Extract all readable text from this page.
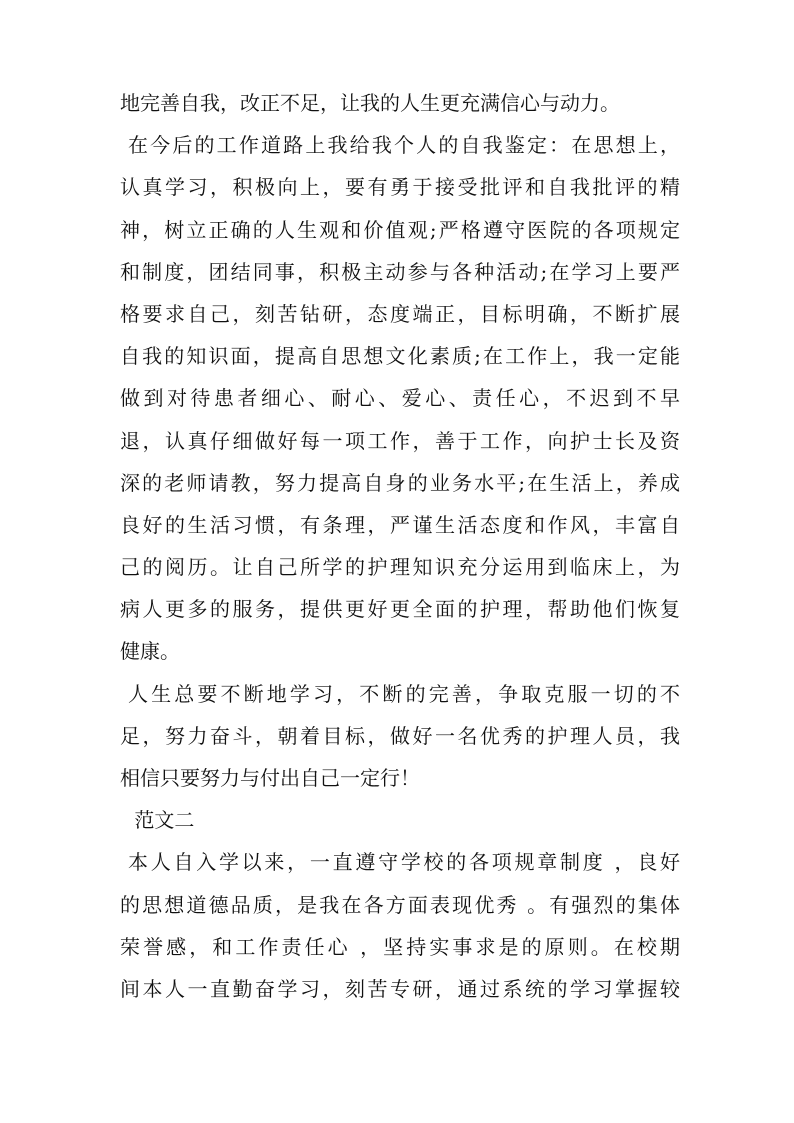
地完善自我，改正不足，让我的人生更充满信心与动力。
在今后的工作道路上我给我个人的自我鉴定：在思想上，
认真学习，积极向上，要有勇于接受批评和自我批评的精
神，树立正确的人生观和价值观;严格遵守医院的各项规定
和制度，团结同事，积极主动参与各种活动;在学习上要严
格要求自己，刻苦钻研，态度端正，目标明确，不断扩展
自我的知识面，提高自思想文化素质;在工作上，我一定能
做到对待患者细心、耐心、爱心、责任心，不迟到不早
退，认真仔细做好每一项工作，善于工作，向护士长及资
深的老师请教，努力提高自身的业务水平;在生活上，养成
良好的生活习惯，有条理，严谨生活态度和作风，丰富自
己的阅历。让自己所学的护理知识充分运用到临床上，为
病人更多的服务，提供更好更全面的护理，帮助他们恢复
健康。
人生总要不断地学习，不断的完善，争取克服一切的不
足，努力奋斗，朝着目标，做好一名优秀的护理人员，我
相信只要努力与付出自己一定行！
范文二
本人自入学以来，一直遵守学校的各项规章制度 ，良好
的思想道德品质，是我在各方面表现优秀 。有强烈的集体
荣誉感，和工作责任心 ，坚持实事求是的原则。在校期
间本人一直勤奋学习，刻苦专研，通过系统的学习掌握较
